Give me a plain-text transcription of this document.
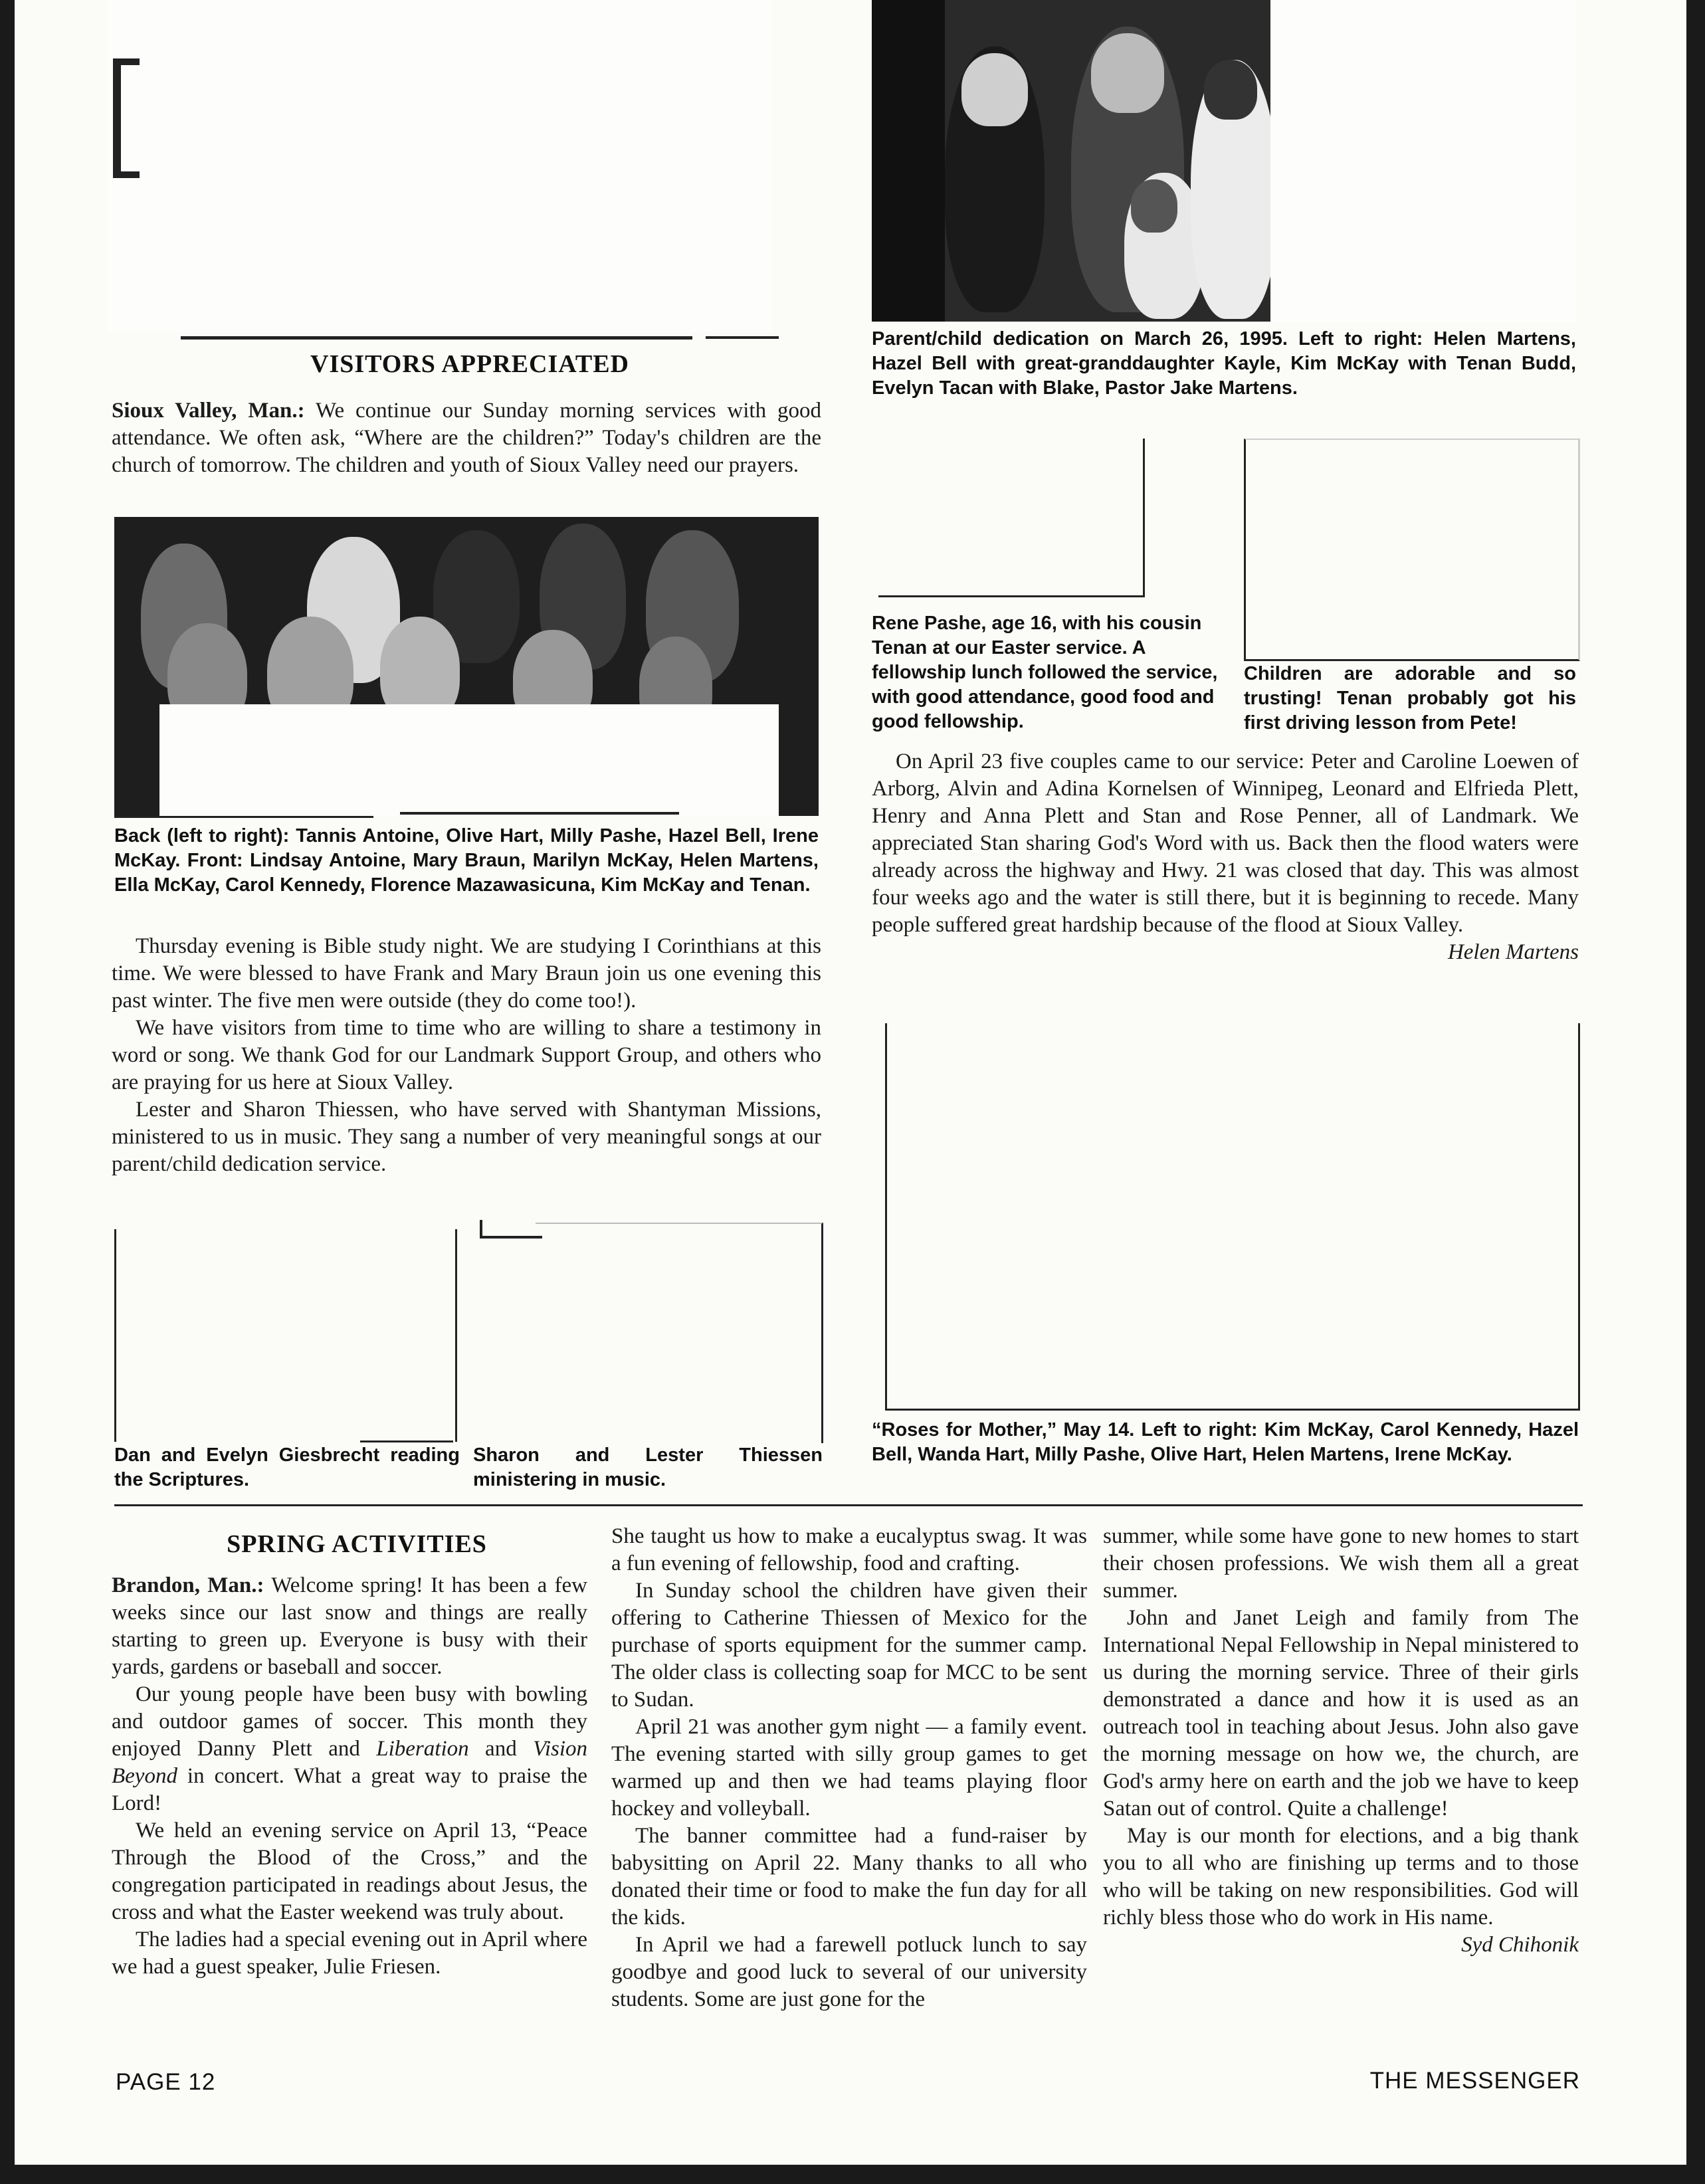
VISITORS APPRECIATED

Sioux Valley, Man.: We continue our Sunday morning services with good attendance. We often ask, “Where are the children?” Today's children are the church of tomorrow. The children and youth of Sioux Valley need our prayers.

Back (left to right): Tannis Antoine, Olive Hart, Milly Pashe, Hazel Bell, Irene McKay. Front: Lindsay Antoine, Mary Braun, Marilyn McKay, Helen Martens, Ella McKay, Carol Kennedy, Florence Mazawasicuna, Kim McKay and Tenan.

Thursday evening is Bible study night. We are studying I Corinthians at this time. We were blessed to have Frank and Mary Braun join us one evening this past winter. The five men were outside (they do come too!).

We have visitors from time to time who are willing to share a testimony in word or song. We thank God for our Landmark Support Group, and others who are praying for us here at Sioux Valley.

Lester and Sharon Thiessen, who have served with Shantyman Missions, ministered to us in music. They sang a number of very meaningful songs at our parent/child dedication service.

Dan and Evelyn Giesbrecht reading the Scriptures.
Sharon and Lester Thiessen ministering in music.
Parent/child dedication on March 26, 1995. Left to right: Helen Martens, Hazel Bell with great-granddaughter Kayle, Kim McKay with Tenan Budd, Evelyn Tacan with Blake, Pastor Jake Martens.
Rene Pashe, age 16, with his cousin Tenan at our Easter service. A fellowship lunch followed the service, with good attendance, good food and good fellowship.
Children are adorable and so trusting! Tenan probably got his first driving lesson from Pete!

On April 23 five couples came to our service: Peter and Caroline Loewen of Arborg, Alvin and Adina Kornelsen of Winnipeg, Leonard and Elfrieda Plett, Henry and Anna Plett and Stan and Rose Penner, all of Landmark. We appreciated Stan sharing God's Word with us. Back then the flood waters were already across the highway and Hwy. 21 was closed that day. This was almost four weeks ago and the water is still there, but it is beginning to recede. Many people suffered great hardship because of the flood at Sioux Valley.

Helen Martens

“Roses for Mother,” May 14. Left to right: Kim McKay, Carol Kennedy, Hazel Bell, Wanda Hart, Milly Pashe, Olive Hart, Helen Martens, Irene McKay.
SPRING ACTIVITIES

Brandon, Man.: Welcome spring! It has been a few weeks since our last snow and things are really starting to green up. Everyone is busy with their yards, gardens or baseball and soccer.

Our young people have been busy with bowling and outdoor games of soccer. This month they enjoyed Danny Plett and Liberation and Vision Beyond in concert. What a great way to praise the Lord!

We held an evening service on April 13, “Peace Through the Blood of the Cross,” and the congregation participated in readings about Jesus, the cross and what the Easter weekend was truly about.

The ladies had a special evening out in April where we had a guest speaker, Julie Friesen.

She taught us how to make a eucalyptus swag. It was a fun evening of fellowship, food and crafting.

In Sunday school the children have given their offering to Catherine Thiessen of Mexico for the purchase of sports equipment for the summer camp. The older class is collecting soap for MCC to be sent to Sudan.

April 21 was another gym night — a family event. The evening started with silly group games to get warmed up and then we had teams playing floor hockey and volleyball.

The banner committee had a fund-raiser by babysitting on April 22. Many thanks to all who donated their time or food to make the fun day for all the kids.

In April we had a farewell potluck lunch to say goodbye and good luck to several of our university students. Some are just gone for the

summer, while some have gone to new homes to start their chosen professions. We wish them all a great summer.

John and Janet Leigh and family from The International Nepal Fellowship in Nepal ministered to us during the morning service. Three of their girls demonstrated a dance and how it is used as an outreach tool in teaching about Jesus. John also gave the morning message on how we, the church, are God's army here on earth and the job we have to keep Satan out of control. Quite a challenge!

May is our month for elections, and a big thank you to all who are finishing up terms and to those who will be taking on new responsibilities. God will richly bless those who do work in His name.

Syd Chihonik

PAGE 12	THE MESSENGER
